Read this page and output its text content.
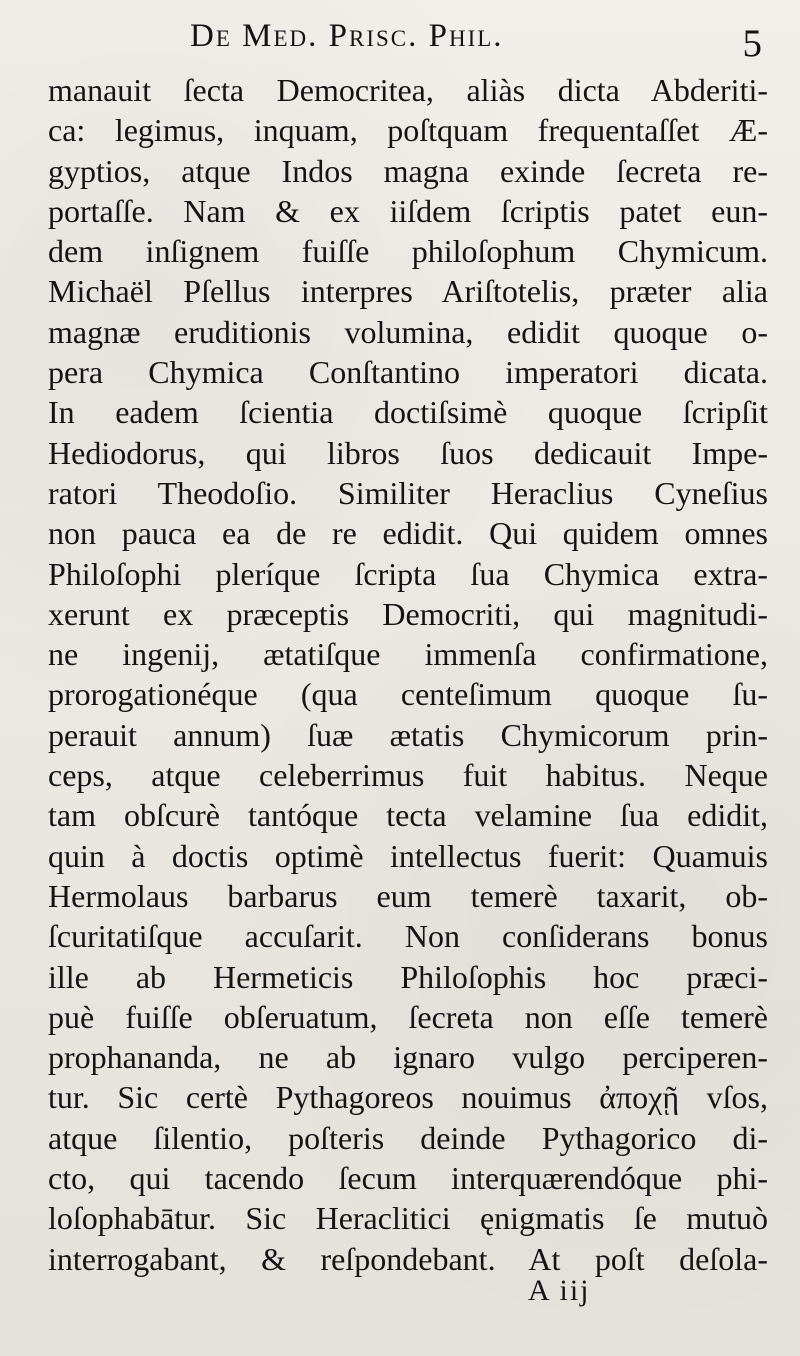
De Med. Prisc. Phil.	5
manauit ſecta Democritea, aliàs dicta Abderiti-
ca: legimus, inquam, poſtquam frequentaſſet Æ-
gyptios, atque Indos magna exinde ſecreta re-
portaſſe. Nam & ex iiſdem ſcriptis patet eun-
dem inſignem fuiſſe philoſophum Chymicum.
Michaël Pſellus interpres Ariſtotelis, præter alia
magnæ eruditionis volumina, edidit quoque o-
pera Chymica Conſtantino imperatori dicata.
In eadem ſcientia doctiſsimè quoque ſcripſit
Hediodorus, qui libros ſuos dedicauit Impe-
ratori Theodoſio. Similiter Heraclius Cyneſius
non pauca ea de re edidit. Qui quidem omnes
Philoſophi pleríque ſcripta ſua Chymica extra-
xerunt ex præceptis Democriti, qui magnitudi-
ne ingenij, ætatiſque immenſa confirmatione,
prorogationéque (qua centeſimum quoque ſu-
perauit annum) ſuæ ætatis Chymicorum prin-
ceps, atque celeberrimus fuit habitus. Neque
tam obſcurè tantóque tecta velamine ſua edidit,
quin à doctis optimè intellectus fuerit: Quamuis
Hermolaus barbarus eum temerè taxarit, ob-
ſcuritatiſque accuſarit. Non conſiderans bonus
ille ab Hermeticis Philoſophis hoc præci-
puè fuiſſe obſeruatum, ſecreta non eſſe temerè
prophananda, ne ab ignaro vulgo perciperen-
tur. Sic certè Pythagoreos nouimus ἀποχῇ vſos,
atque ſilentio, poſteris deinde Pythagorico di-
cto, qui tacendo ſecum interquærendóque phi-
loſophabātur. Sic Heraclitici ęnigmatis ſe mutuò
interrogabant, & reſpondebant. At poſt deſola-
A iij
